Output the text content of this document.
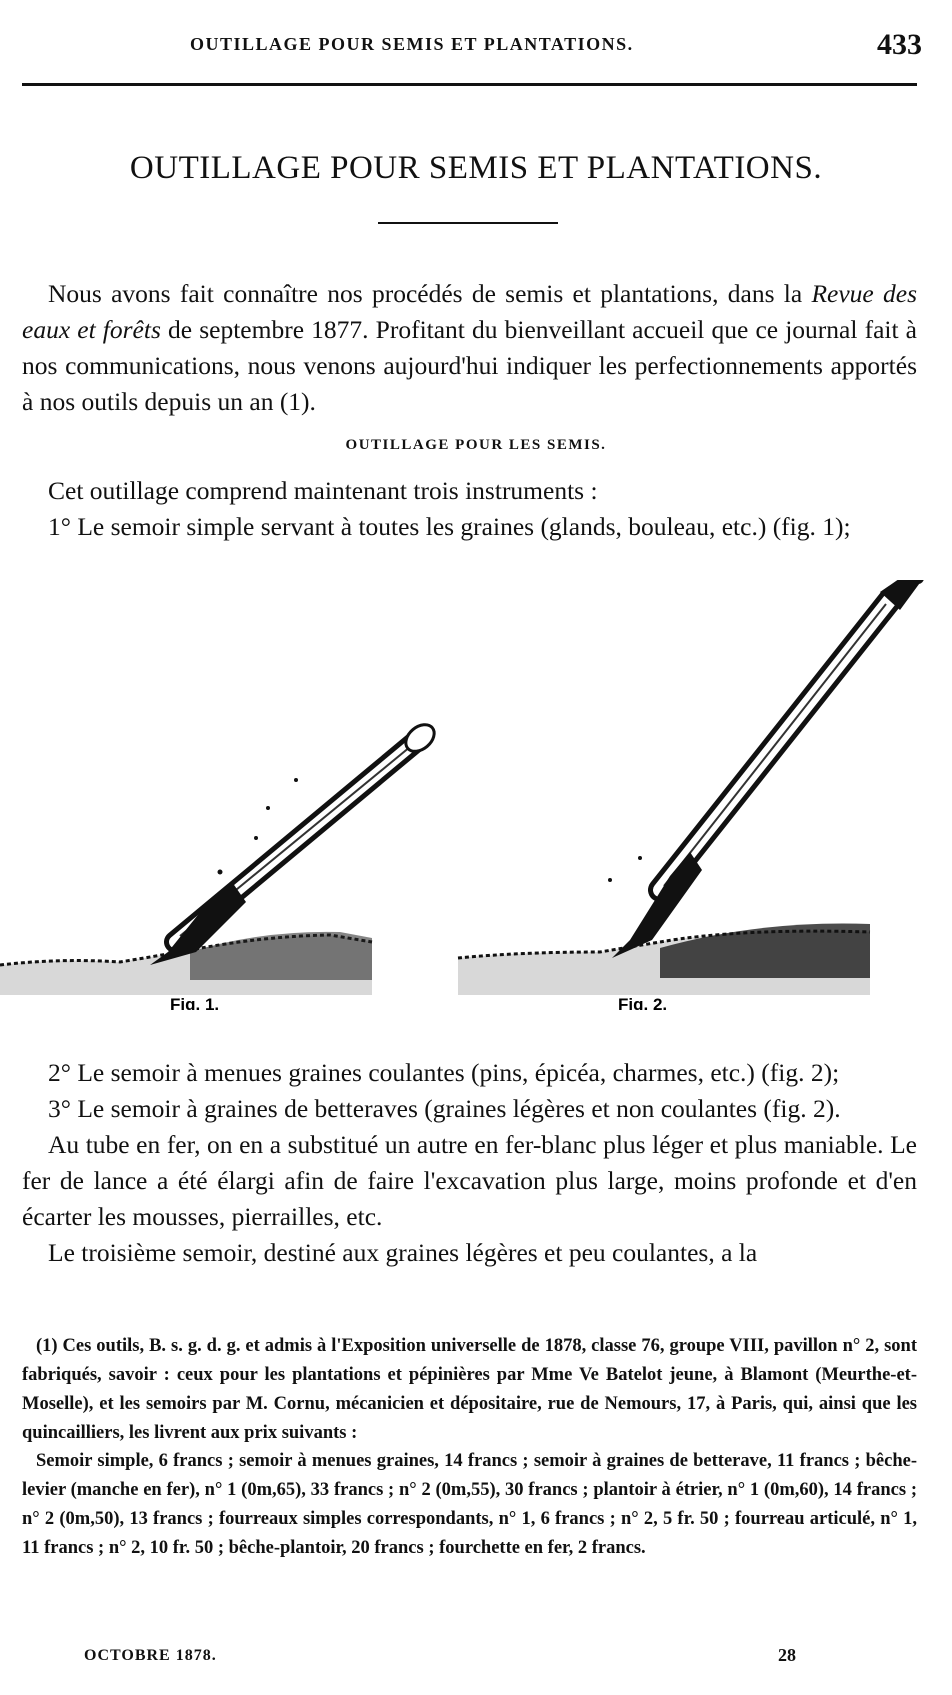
OUTILLAGE POUR SEMIS ET PLANTATIONS.	433
OUTILLAGE POUR SEMIS ET PLANTATIONS.

Nous avons fait connaître nos procédés de semis et plantations, dans la Revue des eaux et forêts de septembre 1877. Profitant du bienveillant accueil que ce journal fait à nos communications, nous venons aujourd'hui indiquer les perfectionnements apportés à nos outils depuis un an (1).

OUTILLAGE POUR LES SEMIS.

Cet outillage comprend maintenant trois instruments :
1° Le semoir simple servant à toutes les graines (glands, bouleau, etc.) (fig. 1);

Fig. 1.	Fig. 2.

2° Le semoir à menues graines coulantes (pins, épicéa, charmes, etc.) (fig. 2);
3° Le semoir à graines de betteraves (graines légères et non coulantes (fig. 2).
Au tube en fer, on en a substitué un autre en fer-blanc plus léger et plus maniable. Le fer de lance a été élargi afin de faire l'excavation plus large, moins profonde et d'en écarter les mousses, pierrailles, etc.
Le troisième semoir, destiné aux graines légères et peu coulantes, a la

(1) Ces outils, B. s. g. d. g. et admis à l'Exposition universelle de 1878, classe 76, groupe VIII, pavillon n° 2, sont fabriqués, savoir : ceux pour les plantations et pépinières par Mme Ve Batelot jeune, à Blamont (Meurthe-et-Moselle), et les semoirs par M. Cornu, mécanicien et dépositaire, rue de Nemours, 17, à Paris, qui, ainsi que les quincailliers, les livrent aux prix suivants :

Semoir simple, 6 francs ; semoir à menues graines, 14 francs ; semoir à graines de betterave, 11 francs ; bêche-levier (manche en fer), n° 1 (0m,65), 33 francs ; n° 2 (0m,55), 30 francs ; plantoir à étrier, n° 1 (0m,60), 14 francs ; n° 2 (0m,50), 13 francs ; fourreaux simples correspondants, n° 1, 6 francs ; n° 2, 5 fr. 50 ; fourreau articulé, n° 1, 11 francs ; n° 2, 10 fr. 50 ; bêche-plantoir, 20 francs ; fourchette en fer, 2 francs.

OCTOBRE 1878.	28
